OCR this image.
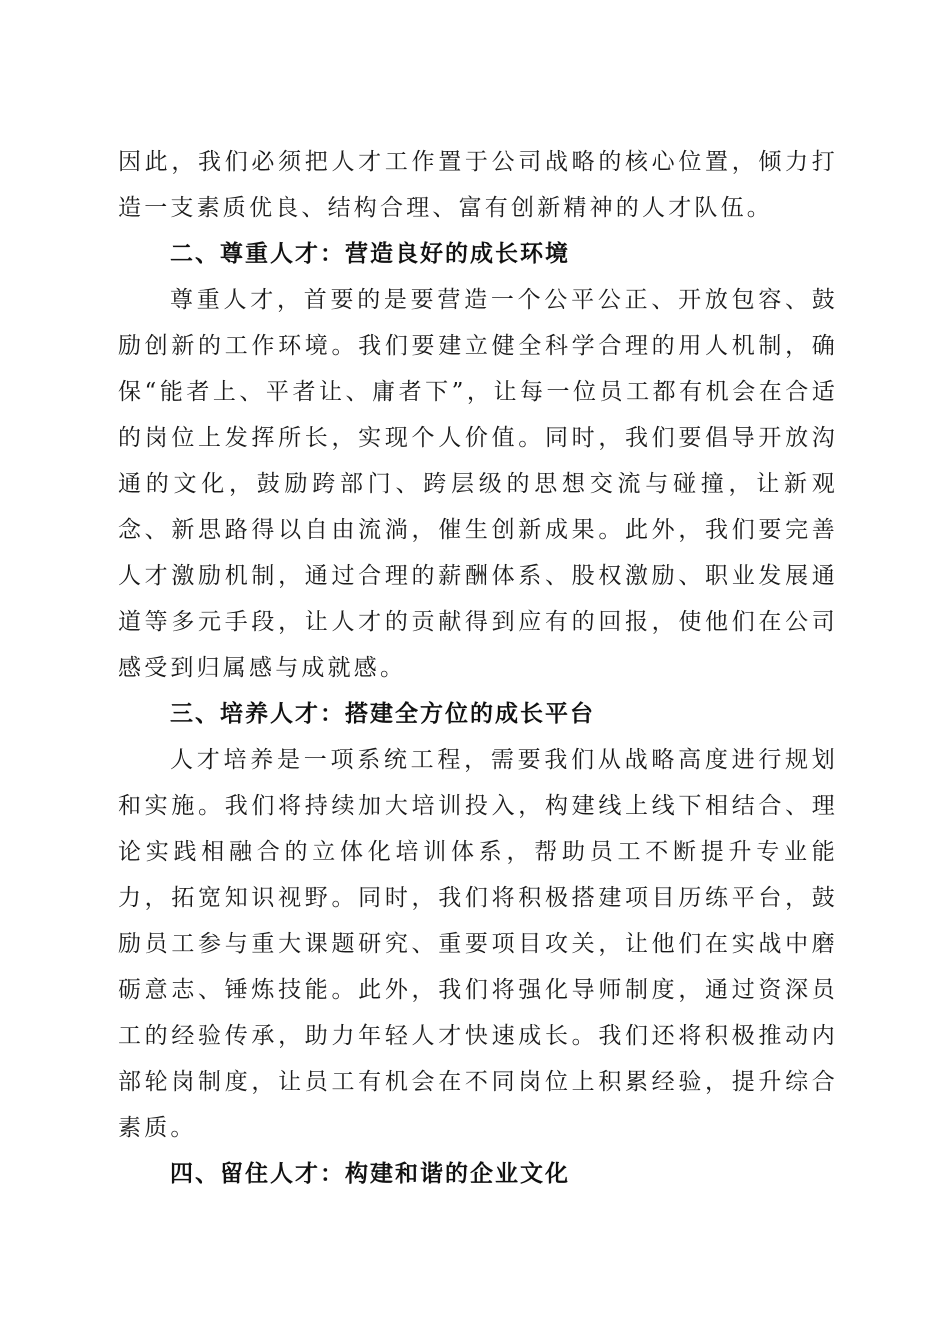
因此，我们必须把人才工作置于公司战略的核心位置，倾力打造一支素质优良、结构合理、富有创新精神的人才队伍。

二、尊重人才：营造良好的成长环境

尊重人才，首要的是要营造一个公平公正、开放包容、鼓励创新的工作环境。我们要建立健全科学合理的用人机制，确保“能者上、平者让、庸者下”，让每一位员工都有机会在合适的岗位上发挥所长，实现个人价值。同时，我们要倡导开放沟通的文化，鼓励跨部门、跨层级的思想交流与碰撞，让新观念、新思路得以自由流淌，催生创新成果。此外，我们要完善人才激励机制，通过合理的薪酬体系、股权激励、职业发展通道等多元手段，让人才的贡献得到应有的回报，使他们在公司感受到归属感与成就感。

三、培养人才：搭建全方位的成长平台

人才培养是一项系统工程，需要我们从战略高度进行规划和实施。我们将持续加大培训投入，构建线上线下相结合、理论实践相融合的立体化培训体系，帮助员工不断提升专业能力，拓宽知识视野。同时，我们将积极搭建项目历练平台，鼓励员工参与重大课题研究、重要项目攻关，让他们在实战中磨砺意志、锤炼技能。此外，我们将强化导师制度，通过资深员工的经验传承，助力年轻人才快速成长。我们还将积极推动内部轮岗制度，让员工有机会在不同岗位上积累经验，提升综合素质。

四、留住人才：构建和谐的企业文化
